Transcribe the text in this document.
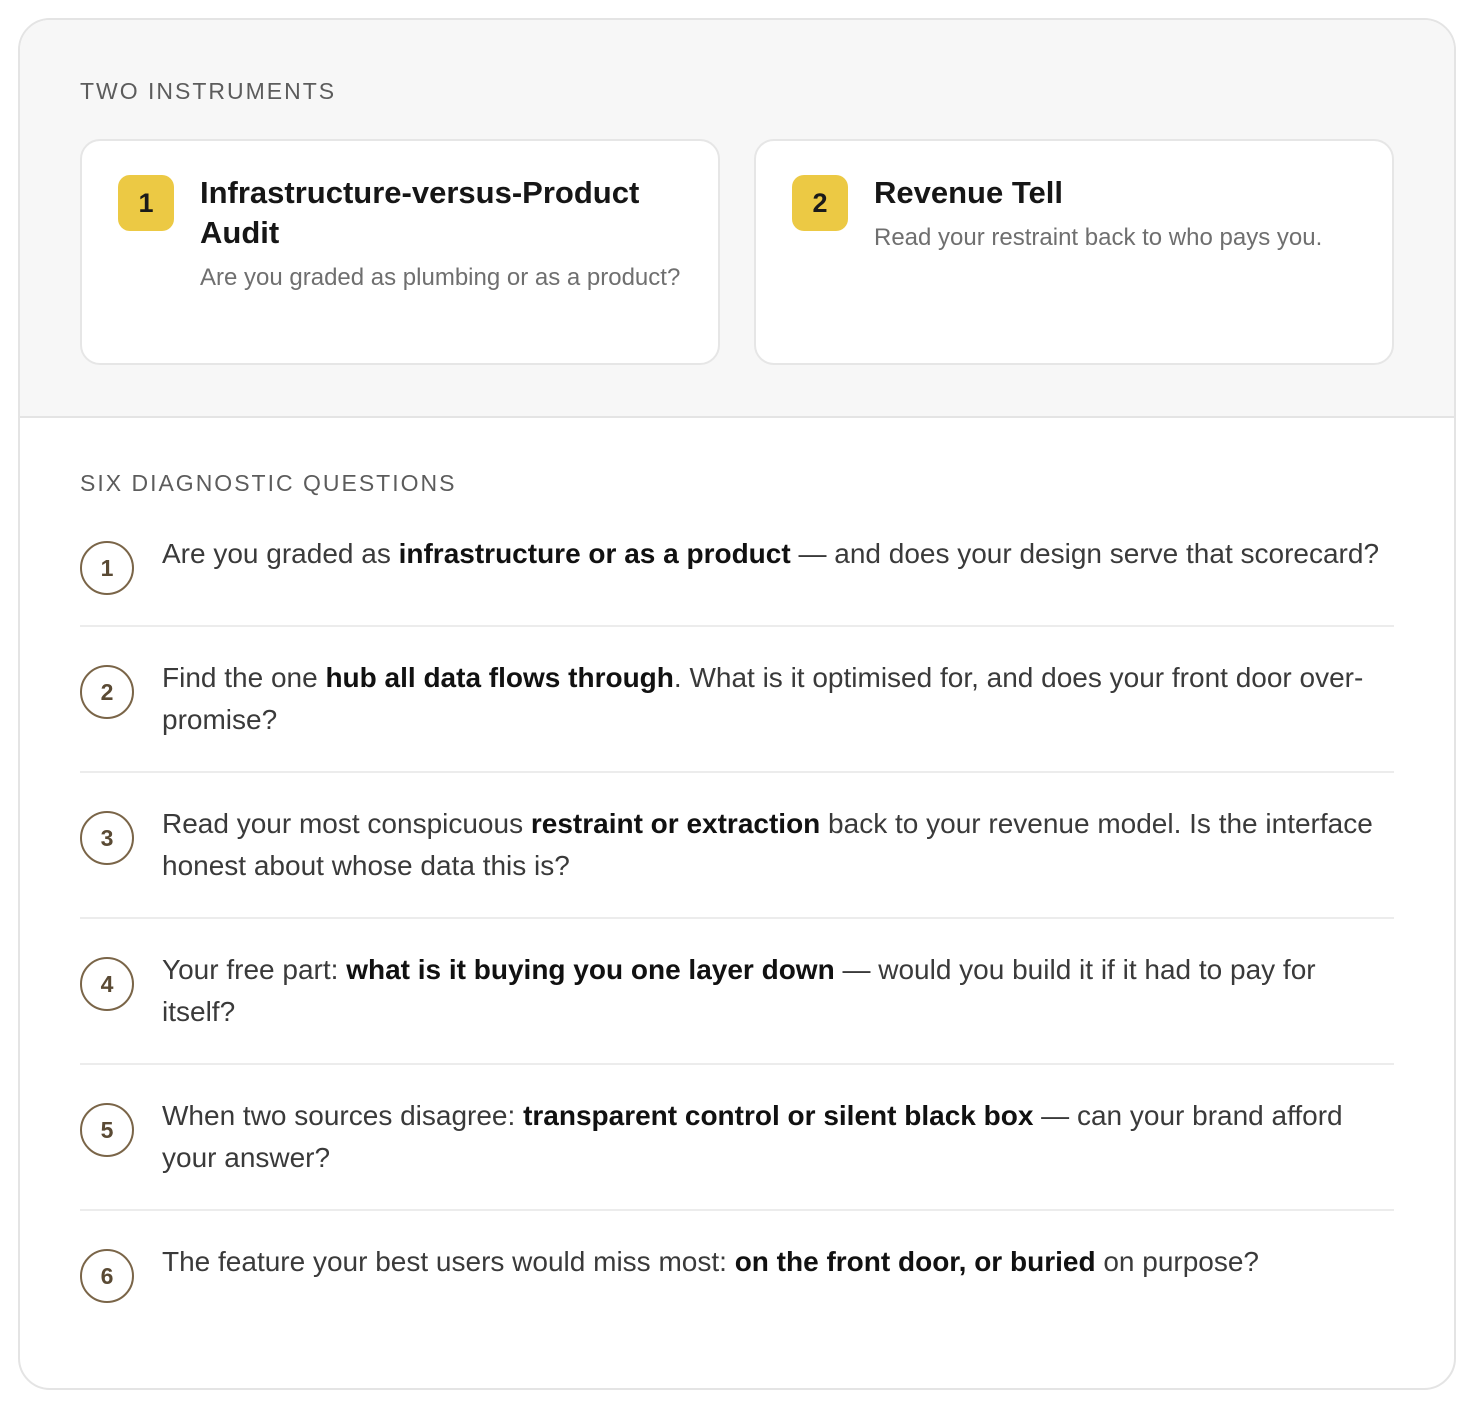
TWO INSTRUMENTS
1	Infrastructure-versus-Product Audit
Are you graded as plumbing or as a product?
2	Revenue Tell
Read your restraint back to who pays you.
SIX DIAGNOSTIC QUESTIONS
1	Are you graded as infrastructure or as a product — and does your design serve that scorecard?
2	Find the one hub all data flows through. What is it optimised for, and does your front door over-promise?
3	Read your most conspicuous restraint or extraction back to your revenue model. Is the interface honest about whose data this is?
4	Your free part: what is it buying you one layer down — would you build it if it had to pay for itself?
5	When two sources disagree: transparent control or silent black box — can your brand afford your answer?
6	The feature your best users would miss most: on the front door, or buried on purpose?
